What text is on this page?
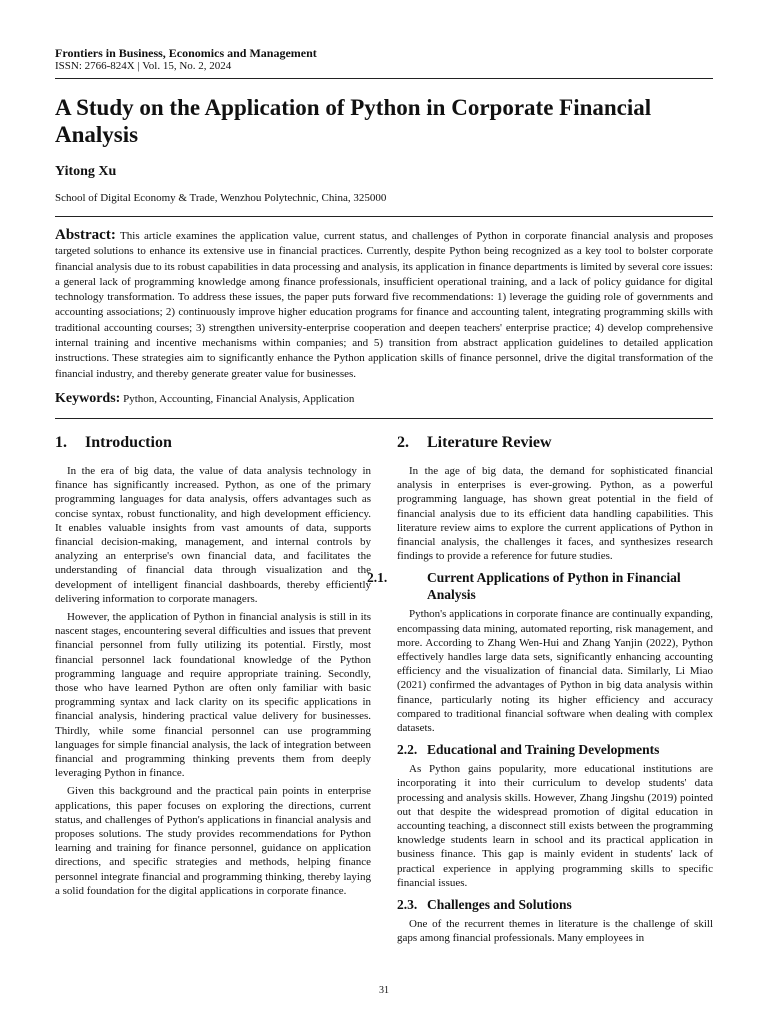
Frontiers in Business, Economics and Management
ISSN: 2766-824X | Vol. 15, No. 2, 2024
A Study on the Application of Python in Corporate Financial Analysis
Yitong Xu
School of Digital Economy & Trade, Wenzhou Polytechnic, China, 325000

Abstract: This article examines the application value, current status, and challenges of Python in corporate financial analysis and proposes targeted solutions to enhance its extensive use in financial practices. Currently, despite Python being recognized as a key tool to bolster corporate financial analysis due to its robust capabilities in data processing and analysis, its application in finance departments is limited by several core issues: a general lack of programming knowledge among finance professionals, insufficient operational training, and a lack of policy guidance for digital technology transformation. To address these issues, the paper puts forward five recommendations: 1) leverage the guiding role of governments and accounting associations; 2) continuously improve higher education programs for finance and accounting talent, integrating programming skills with traditional accounting courses; 3) strengthen university-enterprise cooperation and deepen teachers' enterprise practice; 4) develop comprehensive internal training and incentive mechanisms within companies; and 5) transition from abstract application guidelines to detailed application instructions. These strategies aim to significantly enhance the Python application skills of finance personnel, drive the digital transformation of the financial industry, and thereby generate greater value for businesses.

Keywords: Python, Accounting, Financial Analysis, Application
1. Introduction

In the era of big data, the value of data analysis technology in finance has significantly increased. Python, as one of the primary programming languages for data analysis, offers advantages such as concise syntax, robust functionality, and high development efficiency. It enables valuable insights from vast amounts of data, supports financial decision-making, management, and internal controls by analyzing an enterprise's own financial data, and facilitates the understanding of financial data through visualization and the development of intelligent financial dashboards, thereby efficiently delivering information to corporate managers.

However, the application of Python in financial analysis is still in its nascent stages, encountering several difficulties and issues that prevent financial personnel from fully utilizing its potential. Firstly, most financial personnel lack foundational knowledge of the Python programming language and require appropriate training. Secondly, those who have learned Python are often only familiar with basic programming syntax and lack clarity on its specific applications in financial analysis, hindering practical value delivery for businesses. Thirdly, while some financial personnel can use programming languages for simple financial analysis, the lack of integration between financial and programming thinking prevents them from deeply leveraging Python in finance.

Given this background and the practical pain points in enterprise applications, this paper focuses on exploring the directions, current status, and challenges of Python's applications in financial analysis and proposes solutions. The study provides recommendations for Python learning and training for finance personnel, guidance on application directions, and specific strategies and methods, helping finance personnel integrate financial and programming thinking, thereby laying a solid foundation for the digital applications in corporate finance.

2. Literature Review

In the age of big data, the demand for sophisticated financial analysis in enterprises is ever-growing. Python, as a powerful programming language, has shown great potential in the field of financial analysis due to its efficient data handling capabilities. This literature review aims to explore the current applications of Python in financial analysis, the challenges it faces, and synthesizes research findings to provide a reference for future studies.

2.1.	Current Applications of Python in Financial Analysis

Python's applications in corporate finance are continually expanding, encompassing data mining, automated reporting, risk management, and more. According to Zhang Wen-Hui and Zhang Yanjin (2022), Python effectively handles large data sets, significantly enhancing accounting efficiency and the visualization of financial data. Similarly, Li Miao (2021) confirmed the advantages of Python in big data analysis within finance, particularly noting its higher efficiency and accuracy compared to traditional financial software when dealing with complex datasets.

2.2. Educational and Training Developments

As Python gains popularity, more educational institutions are incorporating it into their curriculum to develop students' data processing and analysis skills. However, Zhang Jingshu (2019) pointed out that despite the widespread promotion of digital education in accounting teaching, a disconnect still exists between the programming knowledge students learn in school and its practical application in business finance. This gap is mainly evident in students' lack of practical experience in applying programming skills to specific financial issues.

2.3. Challenges and Solutions

One of the recurrent themes in literature is the challenge of skill gaps among financial professionals. Many employees in

31
